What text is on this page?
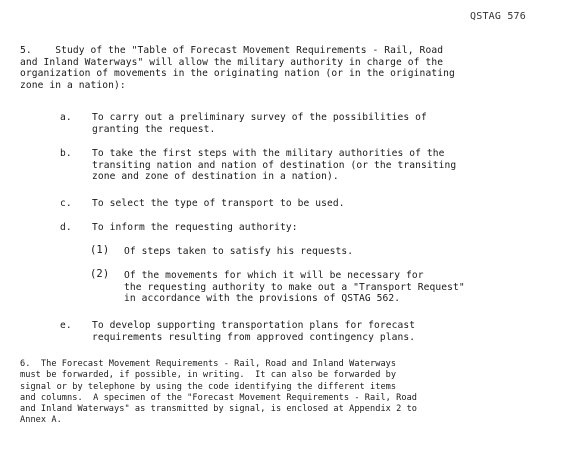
QSTAG 576
5.    Study of the "Table of Forecast Movement Requirements - Rail, Road
and Inland Waterways" will allow the military authority in charge of the
organization of movements in the originating nation (or in the originating
zone in a nation):
a.	To carry out a preliminary survey of the possibilities of
granting the request.
b.	To take the first steps with the military authorities of the
transiting nation and nation of destination (or the transiting
zone and zone of destination in a nation).
c.	To select the type of transport to be used.
d.	To inform the requesting authority:
(1) Of steps taken to satisfy his requests.
(2) Of the movements for which it will be necessary for
the requesting authority to make out a "Transport Request"
in accordance with the provisions of QSTAG 562.
e.	To develop supporting transportation plans for forecast
requirements resulting from approved contingency plans.
6.  The Forecast Movement Requirements - Rail, Road and Inland Waterways
must be forwarded, if possible, in writing.  It can also be forwarded by
signal or by telephone by using the code identifying the different items
and columns.  A specimen of the "Forecast Movement Requirements - Rail, Road
and Inland Waterways" as transmitted by signal, is enclosed at Appendix 2 to
Annex A.
